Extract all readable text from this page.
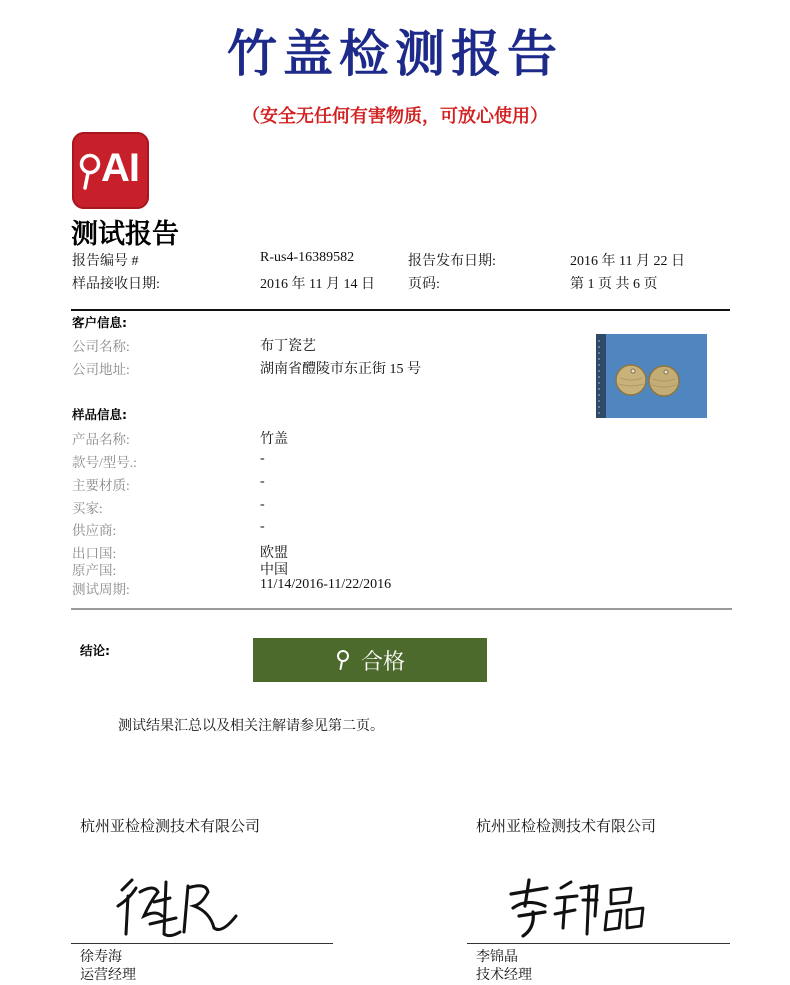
竹盖检测报告
（安全无任何有害物质，可放心使用）
AI
测试报告
报告编号 #	R-us4-16389582	报告发布日期:	2016 年 11 月 22 日
样品接收日期:	2016 年 11 月 14 日 页码:	第 1 页 共 6 页
客户信息:
公司名称:	布丁瓷艺
公司地址:	湖南省醴陵市东正街 15 号
样品信息:
产品名称:	竹盖
款号/型号.:	-
主要材质:	-
买家:	-
供应商:	-
出口国:	欧盟
原产国:	中国
测试周期:	11/14/2016-11/22/2016
结论:	合格
测试结果汇总以及相关注解请参见第二页。
杭州亚检检测技术有限公司	杭州亚检检测技术有限公司
徐寿海
运营经理
李锦晶
技术经理
